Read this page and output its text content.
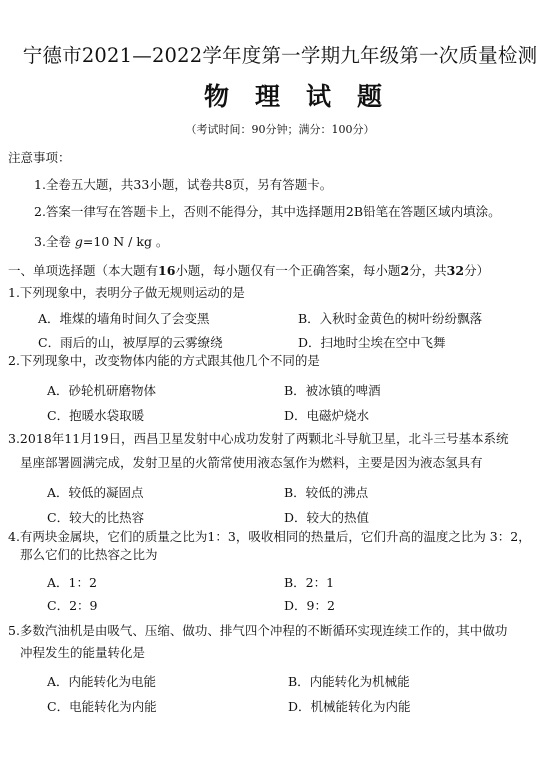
宁德市2021—2022学年度第一学期九年级第一次质量检测
物理试题
（考试时间：90分钟；满分：100分）
注意事项：
1.全卷五大题，共33小题，试卷共8页，另有答题卡。
2.答案一律写在答题卡上，否则不能得分，其中选择题用2B铅笔在答题区域内填涂。
3.全卷 g=10 N / kg 。
一、单项选择题（本大题有16小题，每小题仅有一个正确答案，每小题2分，共32分）
1.下列现象中，表明分子做无规则运动的是
A．堆煤的墙角时间久了会变黑	B．入秋时金黄色的树叶纷纷飘落
C．雨后的山，被厚厚的云雾缭绕	D．扫地时尘埃在空中飞舞
2.下列现象中，改变物体内能的方式跟其他几个不同的是
A．砂轮机研磨物体	B．被冰镇的啤酒
C．抱暖水袋取暖	D．电磁炉烧水
3.2018年11月19日，西昌卫星发射中心成功发射了两颗北斗导航卫星，北斗三号基本系统
星座部署圆满完成，发射卫星的火箭常使用液态氢作为燃料，主要是因为液态氢具有
A．较低的凝固点	B．较低的沸点
C．较大的比热容	D．较大的热值
4.有两块金属块，它们的质量之比为1：3，吸收相同的热量后，它们升高的温度之比为 3：2，
那么它们的比热容之比为
A．1：2	B．2：1
C．2：9	D．9：2
5.多数汽油机是由吸气、压缩、做功、排气四个冲程的不断循环实现连续工作的，其中做功
冲程发生的能量转化是
A．内能转化为电能	B．内能转化为机械能
C．电能转化为内能	D．机械能转化为内能
